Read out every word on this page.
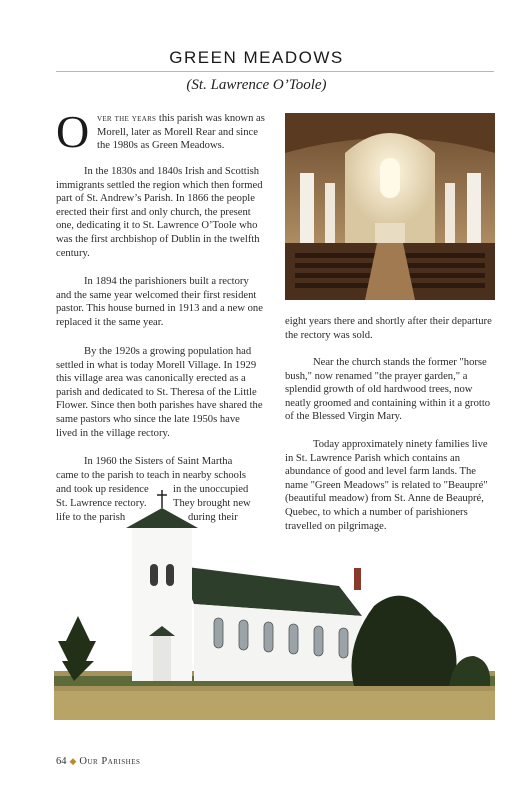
GREEN MEADOWS
(St. Lawrence O’Toole)
O ver the years this parish was known as Morell, later as Morell Rear and since the 1980s as Green Meadows.

In the 1830s and 1840s Irish and Scottish immigrants settled the region which then formed part of St. Andrew’s Parish. In 1866 the people erected their first and only church, the present one, dedicating it to St. Lawrence O’Toole who was the first archbishop of Dublin in the twelfth century.

In 1894 the parishioners built a rectory and the same year welcomed their first resident pastor. This house burned in 1913 and a new one replaced it the same year.

By the 1920s a growing population had settled in what is today Morell Village. In 1929 this village area was canonically erected as a parish and dedicated to St. Theresa of the Little Flower. Since then both parishes have shared the same pastors who since the late 1950s have lived in the village rectory.

In 1960 the Sisters of Saint Martha
came to the parish to teach in nearby schools
and took up residence in the unoccupied
St. Lawrence rectory.	They brought new
life to the parish	during their

eight years there and shortly after their departure the rectory was sold.

Near the church stands the former "horse bush," now renamed "the prayer garden," a splendid growth of old hardwood trees, now neatly groomed and containing within it a grotto of the Blessed Virgin Mary.

Today approximately ninety families live in St. Lawrence Parish which contains an abundance of good and level farm lands. The name "Green Meadows" is related to "Beaupré" (beautiful meadow) from St. Anne de Beaupré, Quebec, to which a number of parishioners travelled on pilgrimage.

64 ◆ Our Parishes
